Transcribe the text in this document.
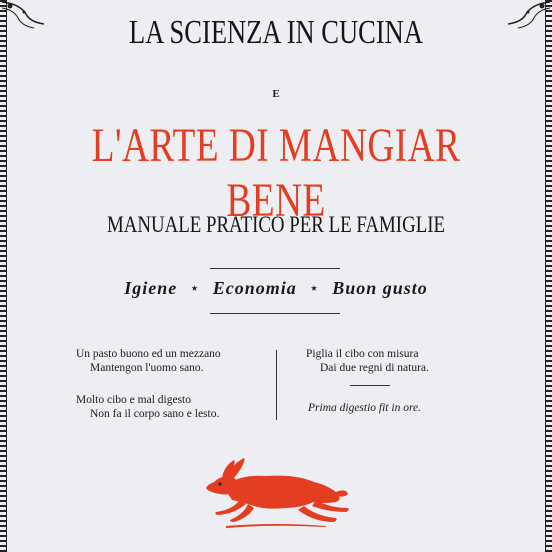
LA SCIENZA IN CUCINA
E
L'ARTE DI MANGIAR BENE
MANUALE PRATICO PER LE FAMIGLIE
Igiene ⋆ Economia ⋆ Buon gusto
Un pasto buono ed un mezzano
Mantengon l'uomo sano.
Molto cibo e mal digesto
Non fa il corpo sano e lesto.
Piglia il cibo con misura
Dai due regni di natura.
Prima digestio fit in ore.
